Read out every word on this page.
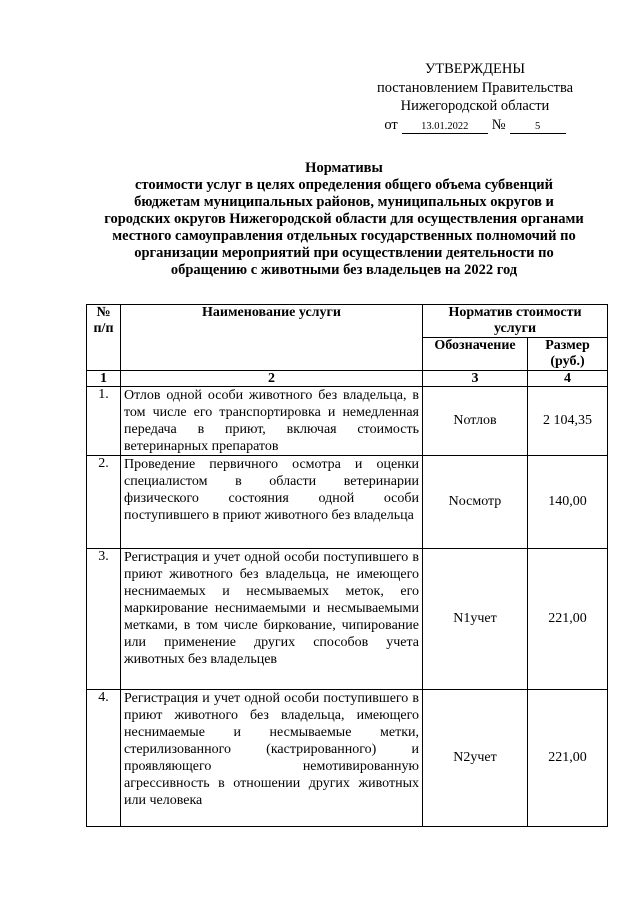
УТВЕРЖДЕНЫ
постановлением Правительства
Нижегородской области
от	13.01.2022	№	5
Нормативы
стоимости услуг в целях определения общего объема субвенций
бюджетам муниципальных районов, муниципальных округов и
городских округов Нижегородской области для осуществления органами
местного самоуправления отдельных государственных полномочий по
организации мероприятий при осуществлении деятельности по
обращению с животными без владельцев на 2022 год
№ п/п	Наименование услуги	Норматив стоимости услуги	
		Обозначение	Размер (руб.)
1	2	3	4
1.	Отлов одной особи животного без владельца, в том числе его транспортировка и немедленная передача в приют, включая стоимость ветеринарных препаратов	Nотлов	2 104,35
2.	Проведение первичного осмотра и оценки специалистом в области ветеринарии физического состояния одной особи поступившего в приют животного без владельца	Nосмотр	140,00
3.	Регистрация и учет одной особи поступившего в приют животного без владельца, не имеющего неснимаемых и несмываемых меток, его маркирование неснимаемыми и несмываемыми метками, в том числе биркование, чипирование или применение других способов учета животных без владельцев	N1учет	221,00
4.	Регистрация и учет одной особи поступившего в приют животного без владельца, имеющего неснимаемые и несмываемые метки, стерилизованного (кастрированного) и проявляющего немотивированную агрессивность в отношении других животных или человека	N2учет	221,00
